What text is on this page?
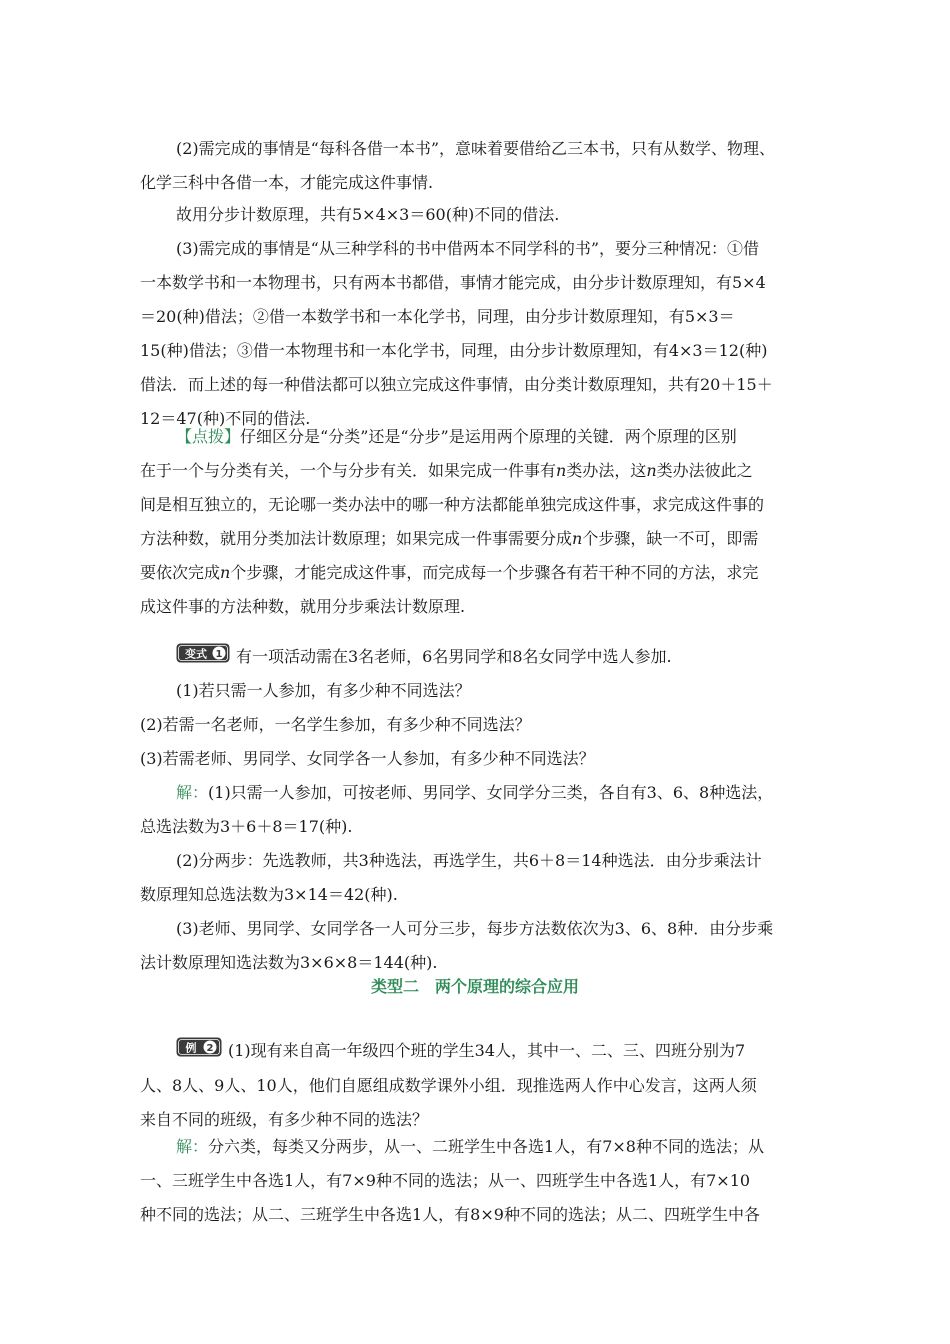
(2)需完成的事情是“每科各借一本书”，意味着要借给乙三本书，只有从数学、物理、
化学三科中各借一本，才能完成这件事情.

故用分步计数原理，共有5×4×3＝60(种)不同的借法.

(3)需完成的事情是“从三种学科的书中借两本不同学科的书”，要分三种情况：①借
一本数学书和一本物理书，只有两本书都借，事情才能完成，由分步计数原理知，有5×4
＝20(种)借法；②借一本数学书和一本化学书，同理，由分步计数原理知，有5×3＝
15(种)借法；③借一本物理书和一本化学书，同理，由分步计数原理知，有4×3＝12(种)
借法．而上述的每一种借法都可以独立完成这件事情，由分类计数原理知，共有20＋15＋
12＝47(种)不同的借法.

【点拨】仔细区分是“分类”还是“分步”是运用两个原理的关键．两个原理的区别
在于一个与分类有关，一个与分步有关．如果完成一件事有n类办法，这n类办法彼此之
间是相互独立的，无论哪一类办法中的哪一种方法都能单独完成这件事，求完成这件事的
方法种数，就用分类加法计数原理；如果完成一件事需要分成n个步骤，缺一不可，即需
要依次完成n个步骤，才能完成这件事，而完成每一个步骤各有若干种不同的方法，求完
成这件事的方法种数，就用分步乘法计数原理.

变式 1 有一项活动需在3名老师，6名男同学和8名女同学中选人参加.

(1)若只需一人参加，有多少种不同选法？
(2)若需一名老师，一名学生参加，有多少种不同选法？
(3)若需老师、男同学、女同学各一人参加，有多少种不同选法？

解：(1)只需一人参加，可按老师、男同学、女同学分三类，各自有3、6、8种选法，
总选法数为3＋6＋8＝17(种).

(2)分两步：先选教师，共3种选法，再选学生，共6＋8＝14种选法．由分步乘法计
数原理知总选法数为3×14＝42(种).

(3)老师、男同学、女同学各一人可分三步，每步方法数依次为3、6、8种．由分步乘
法计数原理知选法数为3×6×8＝144(种).

类型二　两个原理的综合应用

例 2 (1)现有来自高一年级四个班的学生34人，其中一、二、三、四班分别为7
人、8人、9人、10人，他们自愿组成数学课外小组．现推选两人作中心发言，这两人须
来自不同的班级，有多少种不同的选法？

解：分六类，每类又分两步，从一、二班学生中各选1人，有7×8种不同的选法；从
一、三班学生中各选1人，有7×9种不同的选法；从一、四班学生中各选1人，有7×10
种不同的选法；从二、三班学生中各选1人，有8×9种不同的选法；从二、四班学生中各
